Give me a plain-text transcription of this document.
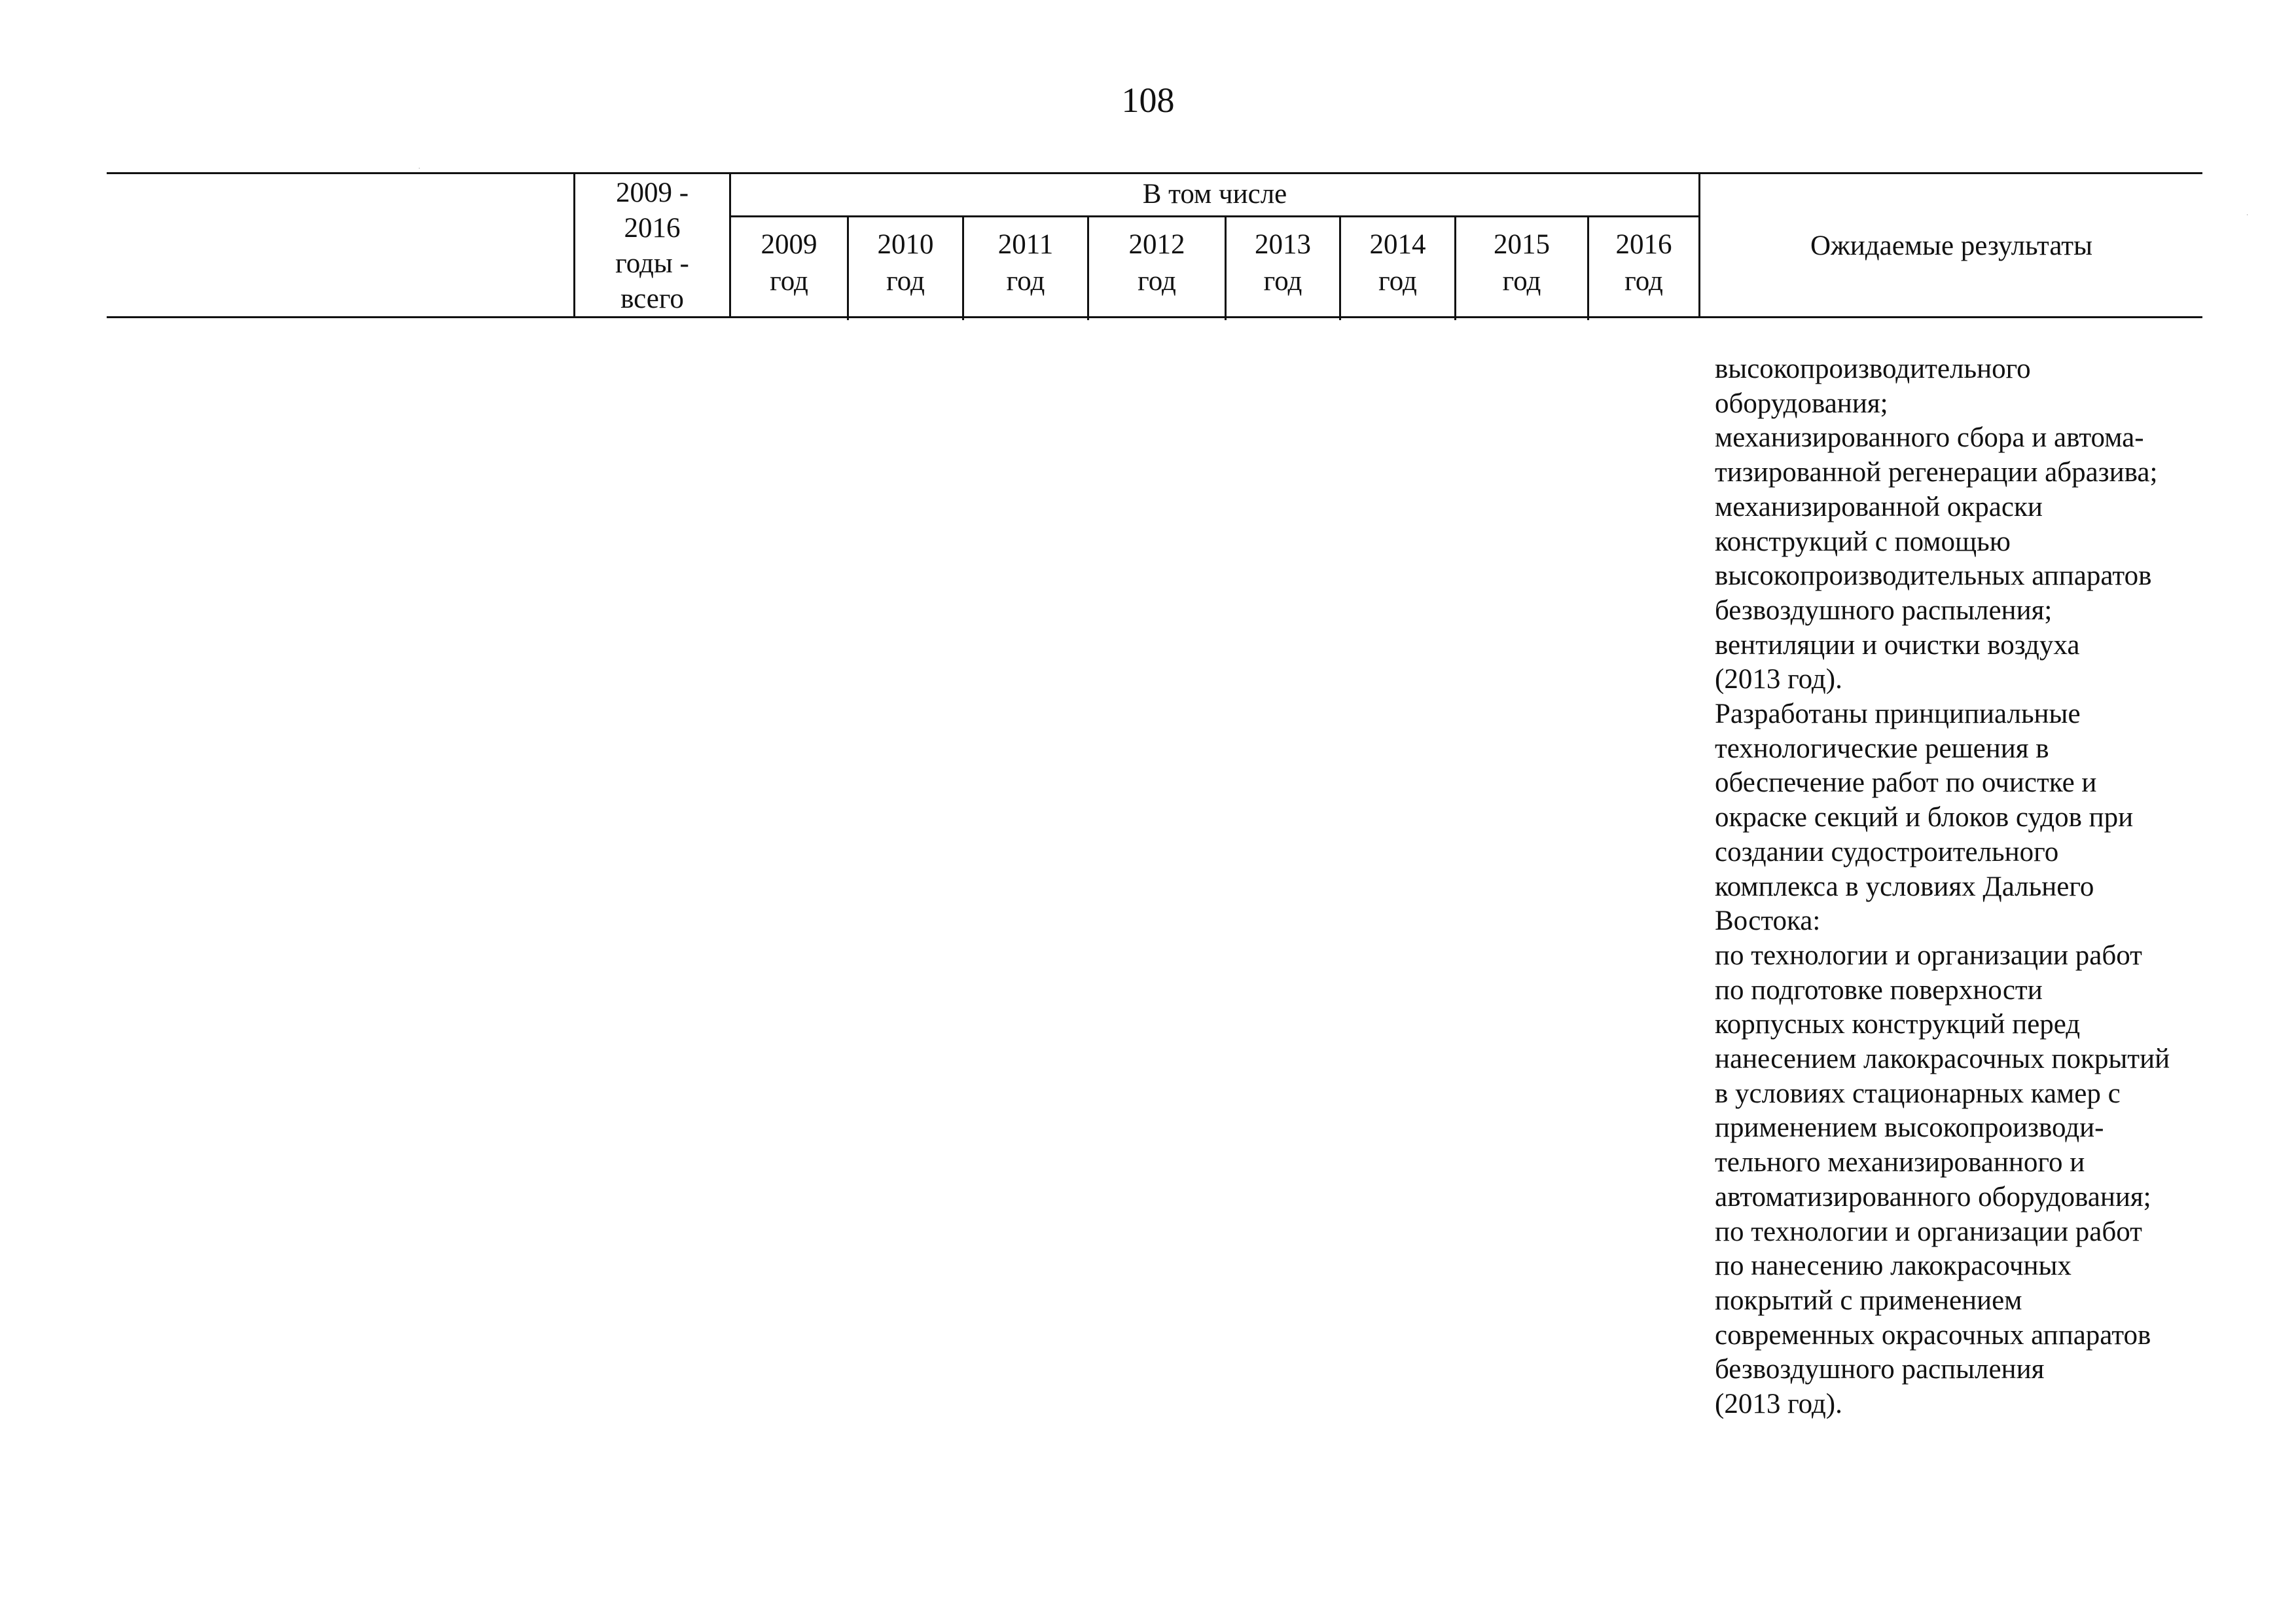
108
2009 -
2016
годы -
всего
В том числе
2009
год
2010
год
2011
год
2012
год
2013
год
2014
год
2015
год
2016
год
Ожидаемые результаты
высокопроизводительного
оборудования;
механизированного сбора и автома-
тизированной регенерации абразива;
механизированной окраски
конструкций с помощью
высокопроизводительных аппаратов
безвоздушного распыления;
вентиляции и очистки воздуха
(2013 год).
Разработаны принципиальные
технологические решения в
обеспечение работ по очистке и
окраске секций и блоков судов при
создании судостроительного
комплекса в условиях Дальнего
Востока:
по технологии и организации работ
по подготовке поверхности
корпусных конструкций перед
нанесением лакокрасочных покрытий
в условиях стационарных камер с
применением высокопроизводи-
тельного механизированного и
автоматизированного оборудования;
по технологии и организации работ
по нанесению лакокрасочных
покрытий с применением
современных окрасочных аппаратов
безвоздушного распыления
(2013 год).
